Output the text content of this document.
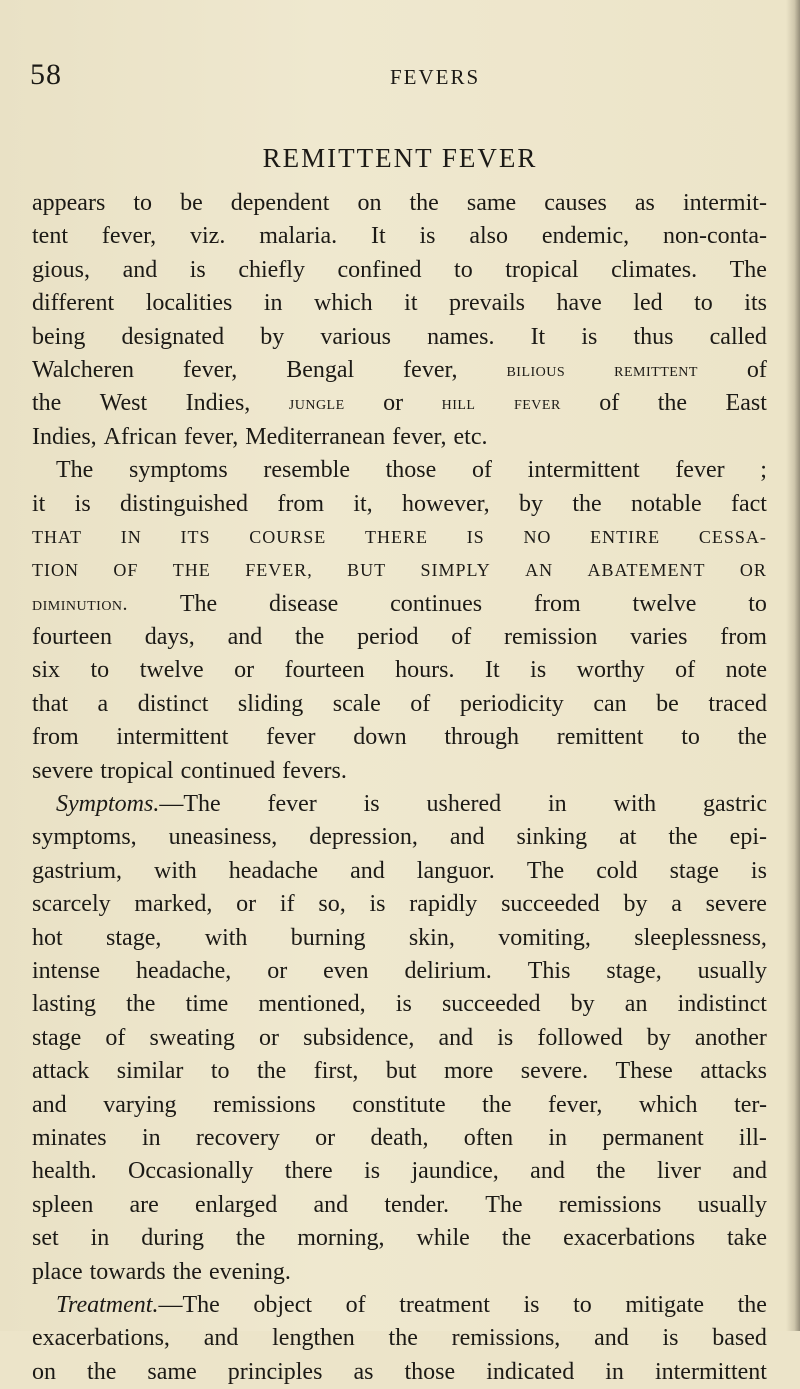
58	FEVERS
REMITTENT FEVER
appears to be dependent on the same causes as intermit-
tent fever, viz. malaria. It is also endemic, non-conta-
gious, and is chiefly confined to tropical climates. The
different localities in which it prevails have led to its
being designated by various names. It is thus called
Walcheren fever, Bengal fever, bilious remittent of
the West Indies, jungle or hill fever of the East
Indies, African fever, Mediterranean fever, etc.
The symptoms resemble those of intermittent fever ;
it is distinguished from it, however, by the notable fact
THAT IN ITS COURSE THERE IS NO ENTIRE CESSA-
TION OF THE FEVER, BUT SIMPLY AN ABATEMENT OR
diminution. The disease continues from twelve to
fourteen days, and the period of remission varies from
six to twelve or fourteen hours. It is worthy of note
that a distinct sliding scale of periodicity can be traced
from intermittent fever down through remittent to the
severe tropical continued fevers.
Symptoms.—The fever is ushered in with gastric
symptoms, uneasiness, depression, and sinking at the epi-
gastrium, with headache and languor. The cold stage is
scarcely marked, or if so, is rapidly succeeded by a severe
hot stage, with burning skin, vomiting, sleeplessness,
intense headache, or even delirium. This stage, usually
lasting the time mentioned, is succeeded by an indistinct
stage of sweating or subsidence, and is followed by another
attack similar to the first, but more severe. These attacks
and varying remissions constitute the fever, which ter-
minates in recovery or death, often in permanent ill-
health. Occasionally there is jaundice, and the liver and
spleen are enlarged and tender. The remissions usually
set in during the morning, while the exacerbations take
place towards the evening.
Treatment.—The object of treatment is to mitigate the
exacerbations, and lengthen the remissions, and is based
on the same principles as those indicated in intermittent
